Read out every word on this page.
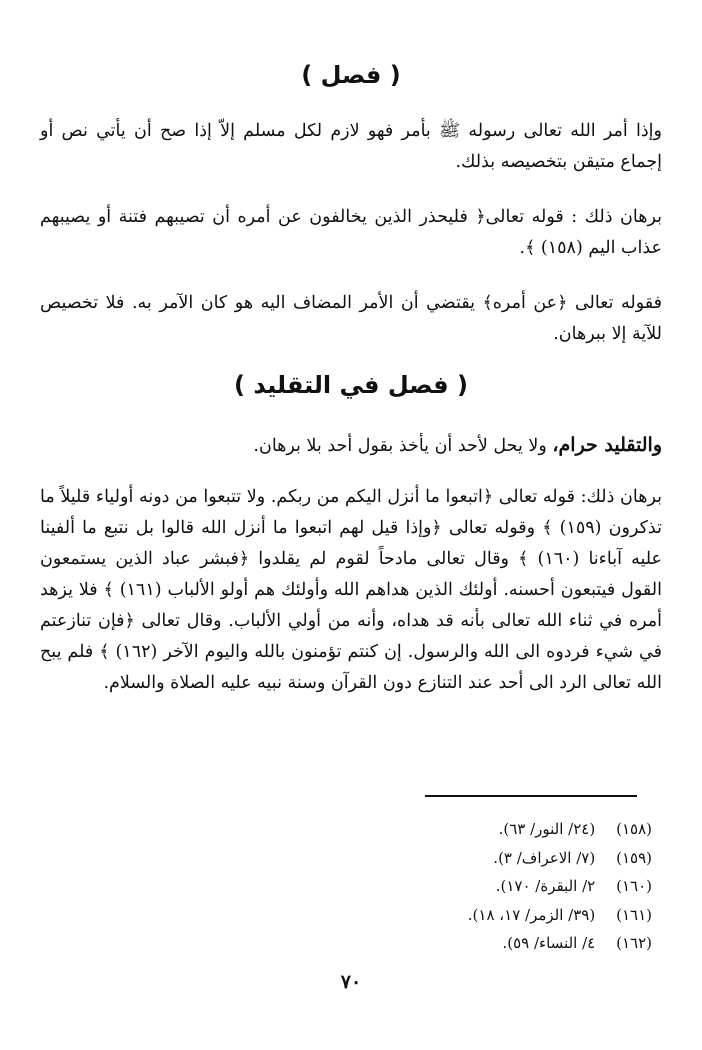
( فصل )

وإذا أمر الله تعالى رسوله ﷺ بأمر فهو لازم لكل مسلم إلاّ إذا صح أن يأتي نص أو إجماع متيقن بتخصيصه بذلك.

برهان ذلك : قوله تعالى﴿ فليحذر الذين يخالفون عن أمره أن تصيبهم فتنة أو يصيبهم عذاب اليم (١٥٨) ﴾.

فقوله تعالى ﴿عن أمره﴾ يقتضي أن الأمر المضاف اليه هو كان الآمر به. فلا تخصيص للآية إلا ببرهان.

( فصل في التقليد )

والتقليد حرام، ولا يحل لأحد أن يأخذ بقول أحد بلا برهان.

برهان ذلك: قوله تعالى ﴿اتبعوا ما أنزل اليكم من ربكم. ولا تتبعوا من دونه أولياء قليلاً ما تذكرون (١٥٩) ﴾ وقوله تعالى ﴿وإذا قيل لهم اتبعوا ما أنزل الله قالوا بل نتبع ما ألفينا عليه آباءنا (١٦٠) ﴾ وقال تعالى مادحاً لقوم لم يقلدوا ﴿فبشر عباد الذين يستمعون القول فيتبعون أحسنه. أولئك الذين هداهم الله وأولئك هم أولو الألباب (١٦١) ﴾ فلا يزهد أمره في ثناء الله تعالى بأنه قد هداه، وأنه من أولي الألباب. وقال تعالى ﴿فإن تنازعتم في شيء فردوه الى الله والرسول. إن كنتم تؤمنون بالله واليوم الآخر (١٦٢) ﴾ فلم يبح الله تعالى الرد الى أحد عند التنازع دون القرآن وسنة نبيه عليه الصلاة والسلام.

(١٥٨) (٢٤/ النور/ ٦٣).
(١٥٩) (٧/ الاعراف/ ٣).
(١٦٠) ٢/ البقرة/ ١٧٠).
(١٦١) (٣٩/ الزمر/ ١٧، ١٨).
(١٦٢) ٤/ النساء/ ٥٩).
٧٠
